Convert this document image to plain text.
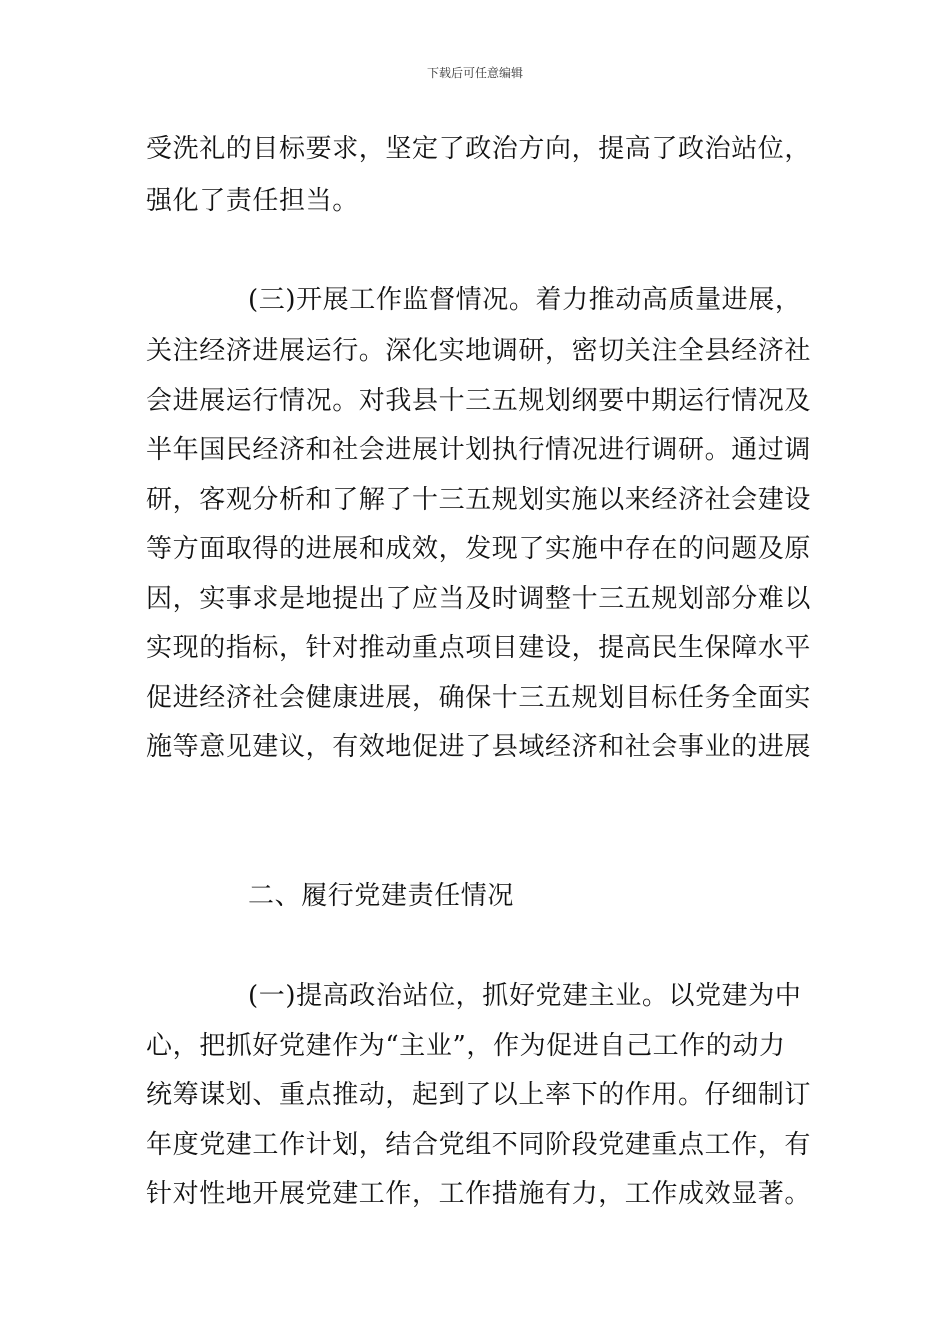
下载后可任意编辑
受洗礼的目标要求，坚定了政治方向，提高了政治站位，
强化了责任担当。
(三)开展工作监督情况。着力推动高质量进展，
关注经济进展运行。深化实地调研，密切关注全县经济社
会进展运行情况。对我县十三五规划纲要中期运行情况及
半年国民经济和社会进展计划执行情况进行调研。通过调
研，客观分析和了解了十三五规划实施以来经济社会建设
等方面取得的进展和成效，发现了实施中存在的问题及原
因，实事求是地提出了应当及时调整十三五规划部分难以
实现的指标，针对推动重点项目建设，提高民生保障水平
促进经济社会健康进展，确保十三五规划目标任务全面实
施等意见建议，有效地促进了县域经济和社会事业的进展
二、履行党建责任情况
(一)提高政治站位，抓好党建主业。以党建为中
心，把抓好党建作为“主业”，作为促进自己工作的动力
统筹谋划、重点推动，起到了以上率下的作用。仔细制订
年度党建工作计划，结合党组不同阶段党建重点工作，有
针对性地开展党建工作，工作措施有力，工作成效显著。
